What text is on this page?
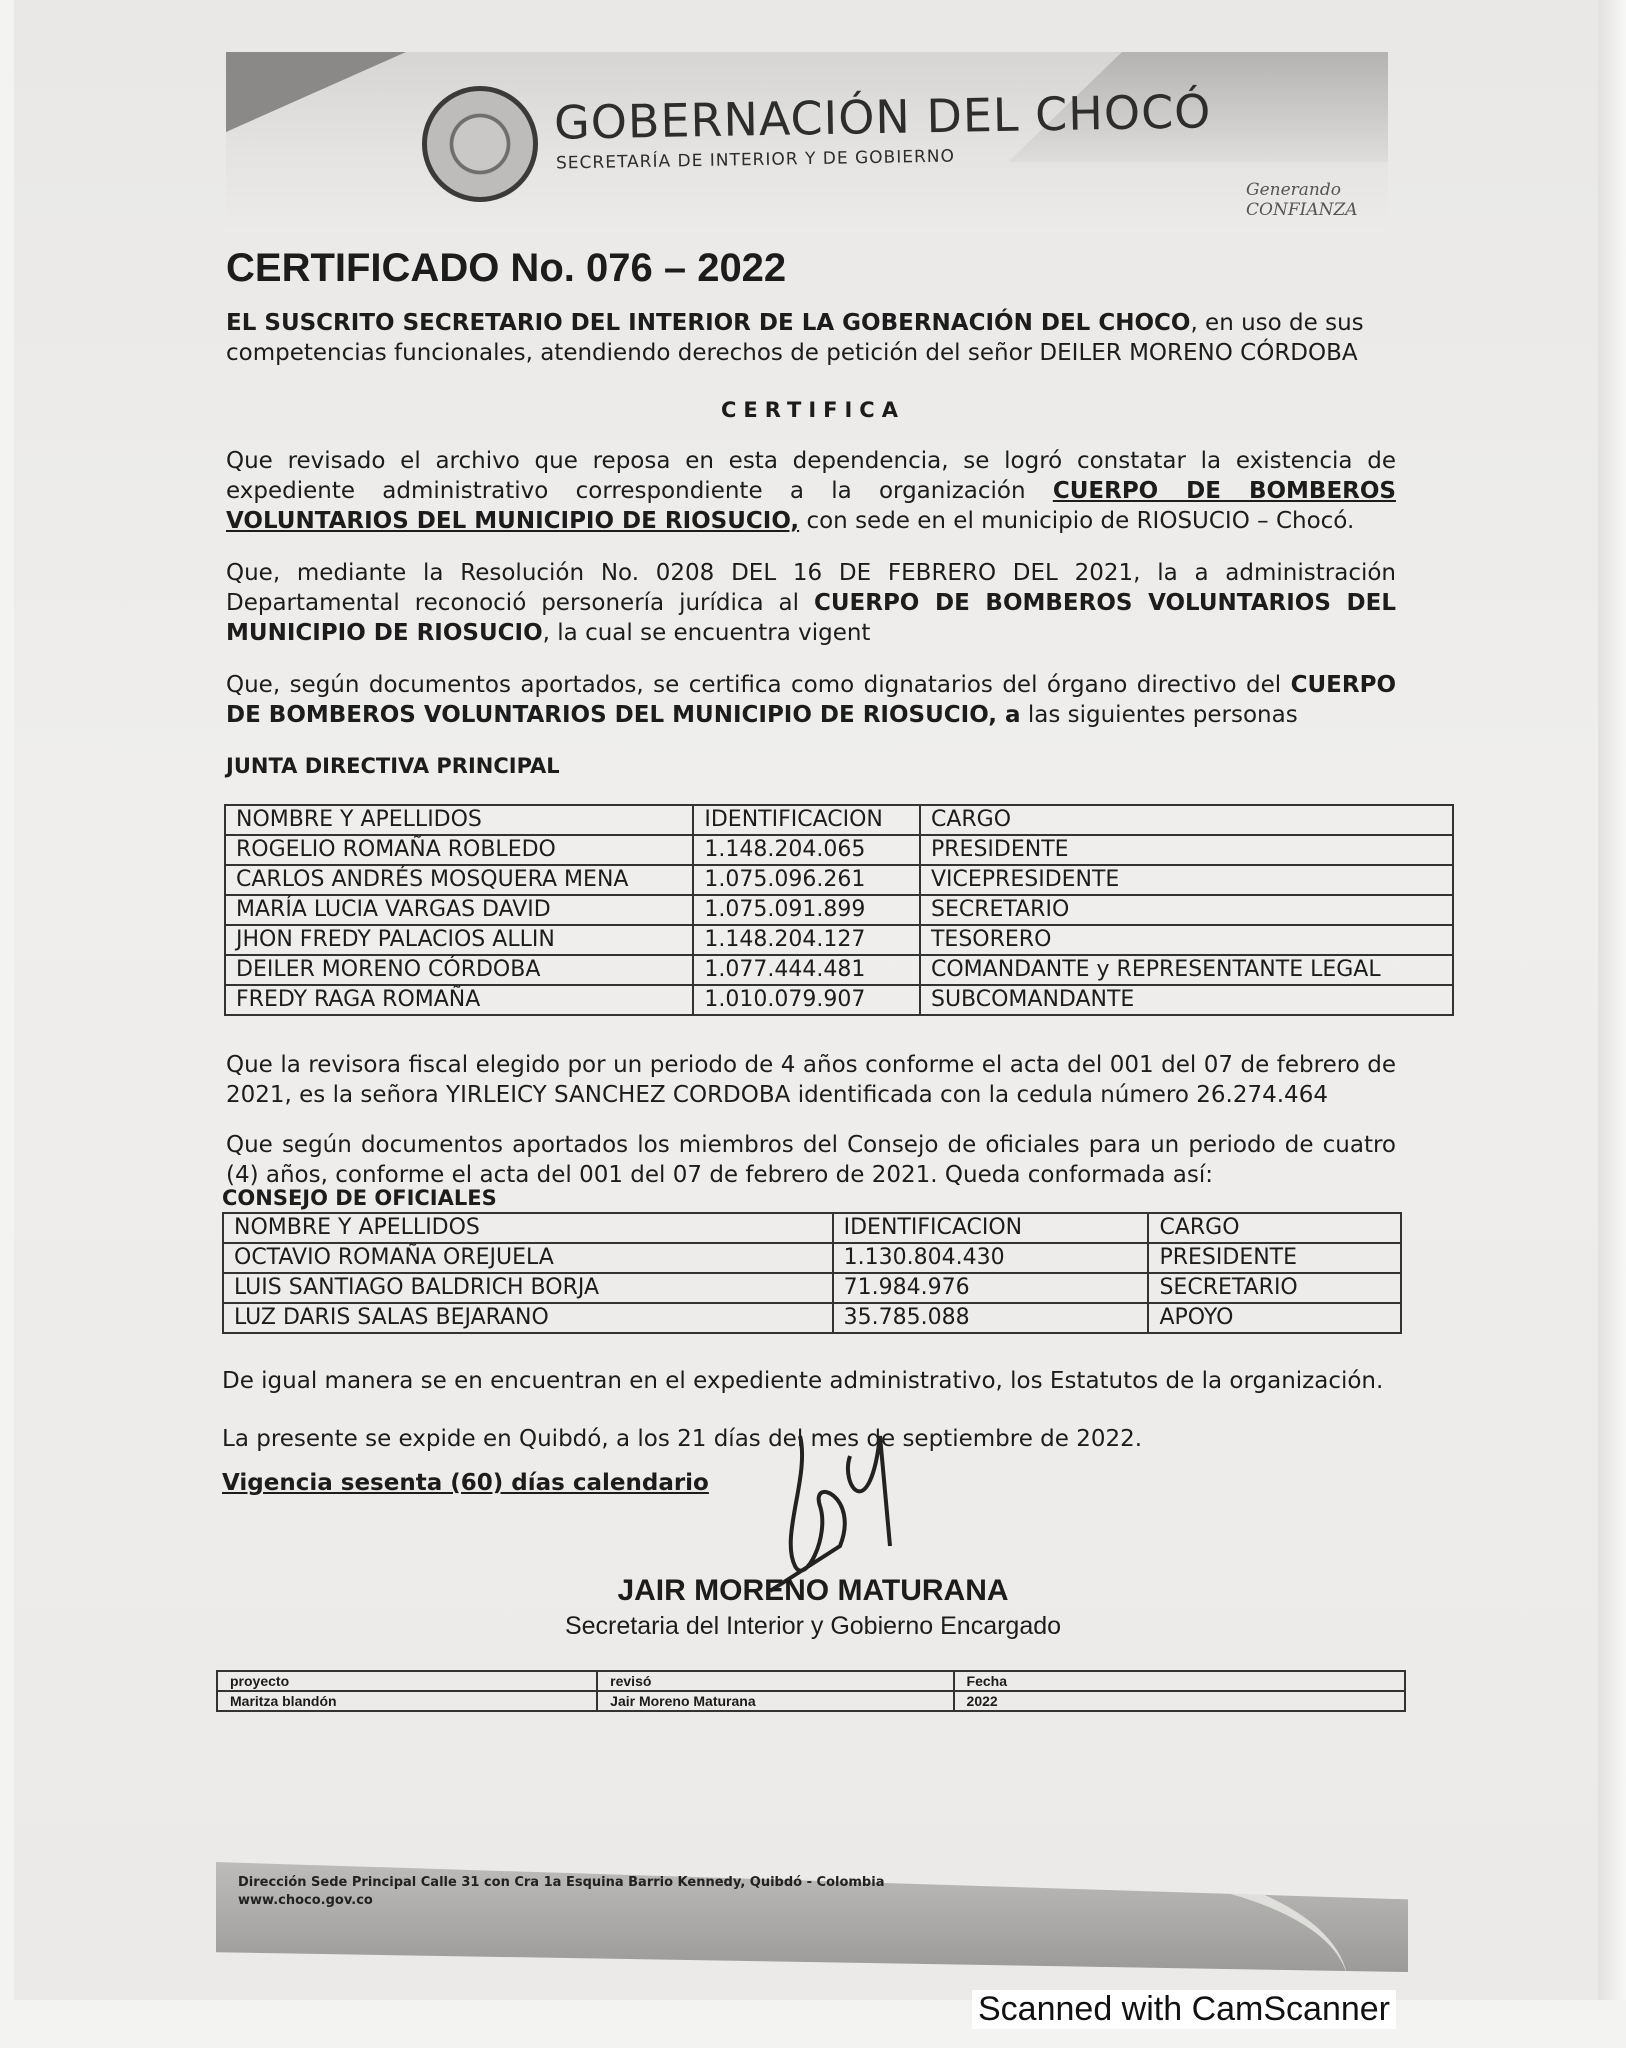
GOBERNACIÓN DEL CHOCÓ
SECRETARÍA DE INTERIOR Y DE GOBIERNO
Generando CONFIANZA
CERTIFICADO No. 076 – 2022
EL SUSCRITO SECRETARIO DEL INTERIOR DE LA GOBERNACIÓN DEL CHOCO, en uso de sus competencias funcionales, atendiendo derechos de petición del señor DEILER MORENO CÓRDOBA
CERTIFICA
Que revisado el archivo que reposa en esta dependencia, se logró constatar la existencia de expediente administrativo correspondiente a la organización CUERPO DE BOMBEROS VOLUNTARIOS DEL MUNICIPIO DE RIOSUCIO, con sede en el municipio de RIOSUCIO – Chocó.
Que, mediante la Resolución No. 0208 DEL 16 DE FEBRERO DEL 2021, la a administración Departamental reconoció personería jurídica al CUERPO DE BOMBEROS VOLUNTARIOS DEL MUNICIPIO DE RIOSUCIO, la cual se encuentra vigent
Que, según documentos aportados, se certifica como dignatarios del órgano directivo del CUERPO DE BOMBEROS VOLUNTARIOS DEL MUNICIPIO DE RIOSUCIO, a las siguientes personas
JUNTA DIRECTIVA PRINCIPAL
NOMBRE Y APELLIDOS	IDENTIFICACION	CARGO
ROGELIO ROMAÑA ROBLEDO	1.148.204.065	PRESIDENTE
CARLOS ANDRÉS MOSQUERA MENA	1.075.096.261	VICEPRESIDENTE
MARÍA LUCIA VARGAS DAVID	1.075.091.899	SECRETARIO
JHON FREDY PALACIOS ALLIN	1.148.204.127	TESORERO
DEILER MORENO CÓRDOBA	1.077.444.481	COMANDANTE y REPRESENTANTE LEGAL
FREDY RAGA ROMAÑA	1.010.079.907	SUBCOMANDANTE
Que la revisora fiscal elegido por un periodo de 4 años conforme el acta del 001 del 07 de febrero de 2021, es la señora YIRLEICY SANCHEZ CORDOBA identificada con la cedula número 26.274.464
Que según documentos aportados los miembros del Consejo de oficiales para un periodo de cuatro (4) años, conforme el acta del 001 del 07 de febrero de 2021. Queda conformada así:
CONSEJO DE OFICIALES
NOMBRE Y APELLIDOS	IDENTIFICACION	CARGO
OCTAVIO ROMAÑA OREJUELA	1.130.804.430	PRESIDENTE
LUIS SANTIAGO BALDRICH BORJA	71.984.976	SECRETARIO
LUZ DARIS SALAS BEJARANO	35.785.088	APOYO
De igual manera se en encuentran en el expediente administrativo, los Estatutos de la organización.
La presente se expide en Quibdó, a los 21 días del mes de septiembre de 2022.
Vigencia sesenta (60) días calendario
JAIR MORENO MATURANA
Secretaria del Interior y Gobierno Encargado
proyecto	revisó	Fecha
Maritza blandón	Jair Moreno Maturana	2022
Dirección Sede Principal Calle 31 con Cra 1a Esquina Barrio Kennedy, Quibdó - Colombia
www.choco.gov.co
Scanned with CamScanner
